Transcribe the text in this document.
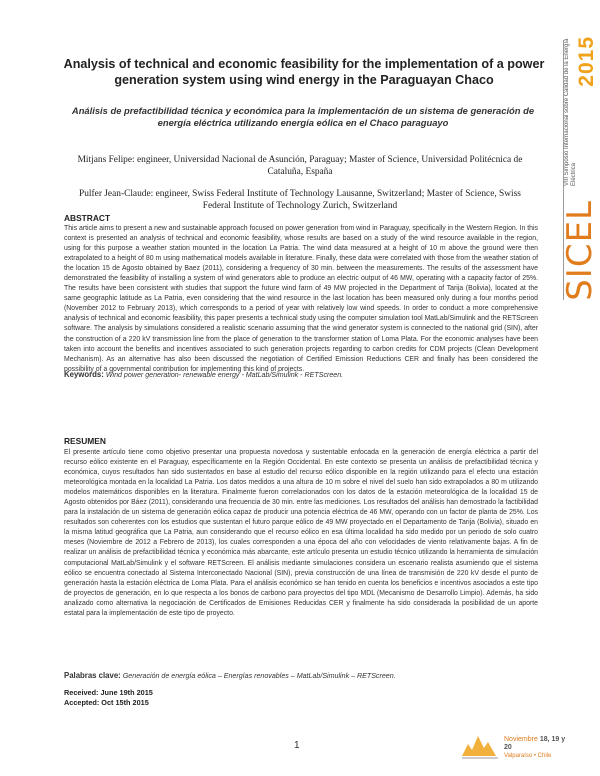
2015
VIII Simposio Internacional sobre Calidad de la Energía Eléctrica
SICEL
Analysis of technical and economic feasibility for the implementation of a power generation system using wind energy in the Paraguayan Chaco
Análisis de prefactibilidad técnica y económica para la implementación de un sistema de generación de energía eléctrica utilizando energía eólica en el Chaco paraguayo

Mitjans Felipe: engineer, Universidad Nacional de Asunción, Paraguay; Master of Science, Universidad Politécnica de Cataluña, España

Pulfer Jean-Claude: engineer, Swiss Federal Institute of Technology Lausanne, Switzerland; Master of Science, Swiss Federal Institute of Technology Zurich, Switzerland

ABSTRACT

This article aims to present a new and sustainable approach focused on power generation from wind in Paraguay, specifically in the Western Region. In this context is presented an analysis of technical and economic feasibility, whose results are based on a study of the wind resource available in the region, using for this purpose a weather station mounted in the location La Patria. The wind data measured at a height of 10 m above the ground were then extrapolated to a height of 80 m using mathematical models available in literature. Finally, these data were correlated with those from the weather station of the location 15 de Agosto obtained by Baez (2011), considering a frequency of 30 min. between the measurements. The results of the assessment have demonstrated the feasibility of installing a system of wind generators able to produce an electric output of 46 MW, operating with a capacity factor of 25%. The results have been consistent with studies that support the future wind farm of 49 MW projected in the Department of Tarija (Bolivia), located at the same geographic latitude as La Patria, even considering that the wind resource in the last location has been measured only during a four months period (November 2012 to February 2013), which corresponds to a period of year with relatively low wind speeds. In order to conduct a more comprehensive analysis of technical and economic feasibility, this paper presents a technical study using the computer simulation tool MatLab/Simulink and the RETScreen software. The analysis by simulations considered a realistic scenario assuming that the wind generator system is connected to the national grid (SIN), after the construction of a 220 kV transmission line from the place of generation to the transformer station of Loma Plata. For the economic analyses have been taken into account the benefits and incentives associated to such generation projects regarding to carbon credits for CDM projects (Clean Development Mechanism). As an alternative has also been discussed the negotiation of Certified Emission Reductions CER and finally has been considered the possibility of a governmental contribution for implementing this kind of projects.

Keywords: Wind power generation- renewable energy - MatLab/Simulink - RETScreen.

RESUMEN

El presente artículo tiene como objetivo presentar una propuesta novedosa y sustentable enfocada en la generación de energía eléctrica a partir del recurso eólico existente en el Paraguay, específicamente en la Región Occidental. En este contexto se presenta un análisis de prefactibilidad técnica y económica, cuyos resultados han sido sustentados en base al estudio del recurso eólico disponible en la región utilizando para el efecto una estación meteorológica montada en la localidad La Patria. Los datos medidos a una altura de 10 m sobre el nivel del suelo han sido extrapolados a 80 m utilizando modelos matemáticos disponibles en la literatura. Finalmente fueron correlacionados con los datos de la estación meteorológica de la localidad 15 de Agosto obtenidos por Báez (2011), considerando una frecuencia de 30 min. entre las mediciones. Los resultados del análisis han demostrado la factibilidad para la instalación de un sistema de generación eólica capaz de producir una potencia eléctrica de 46 MW, operando con un factor de planta de 25%. Los resultados son coherentes con los estudios que sustentan el futuro parque eólico de 49 MW proyectado en el Departamento de Tarija (Bolivia), situado en la misma latitud geográfica que La Patria, aun considerando que el recurso eólico en esa última localidad ha sido medido por un periodo de solo cuatro meses (Noviembre de 2012 a Febrero de 2013), los cuales corresponden a una época del año con velocidades de viento relativamente bajas. A fin de realizar un análisis de prefactibilidad técnica y económica más abarcante, este artículo presenta un estudio técnico utilizando la herramienta de simulación computacional MatLab/Simulink y el software RETScreen. El análisis mediante simulaciones considera un escenario realista asumiendo que el sistema eólico se encuentra conectado al Sistema Interconectado Nacional (SIN), previa construcción de una línea de transmisión de 220 kV desde el punto de generación hasta la estación eléctrica de Loma Plata. Para el análisis económico se han tenido en cuenta los beneficios e incentivos asociados a este tipo de proyectos de generación, en lo que respecta a los bonos de carbono para proyectos del tipo MDL (Mecanismo de Desarrollo Limpio). Además, ha sido analizado como alternativa la negociación de Certificados de Emisiones Reducidas CER y finalmente ha sido considerada la posibilidad de un aporte estatal para la implementación de este tipo de proyecto.

Palabras clave: Generación de energía eólica – Energías renovables – MatLab/Simulink – RETScreen.

Received: June 19th 2015
Accepted: Oct 15th 2015
1
Noviembre 18, 19 y 20
Valparaíso • Chile
